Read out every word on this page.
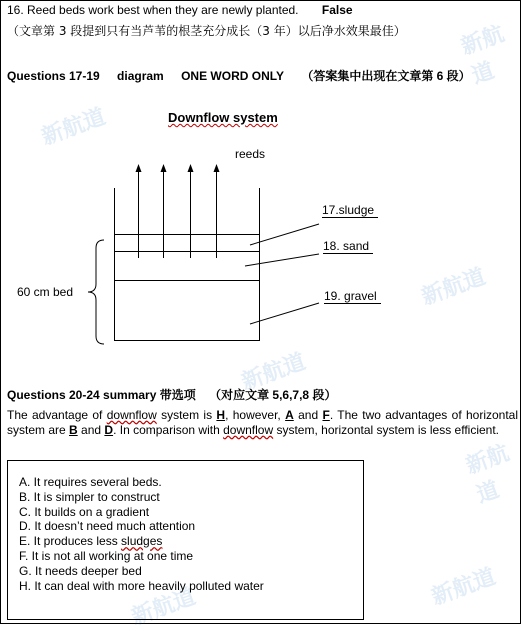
新航道
新航道
新航道
新航道
新航道
新航道
新航道
16. Reed beds work best when they are newly planted. False
（文章第 3 段提到只有当芦苇的根茎充分成长（3 年）以后净水效果最佳）
Questions 17-19 diagram ONE WORD ONLY （答案集中出现在文章第 6 段）
Downflow system
reeds
60 cm bed
17.sludge
18. sand
19. gravel
Questions 20-24 summary 带选项 （对应文章 5,6,7,8 段）
The advantage of downflow system is H, however, A and F. The two advantages of horizontal system are B and D. In comparison with downflow system, horizontal system is less efficient.
A. It requires several beds.
B. It is simpler to construct
C. It builds on a gradient
D. It doesn’t need much attention
E. It produces less sludges
F. It is not all working at one time
G. It needs deeper bed
H. It can deal with more heavily polluted water
